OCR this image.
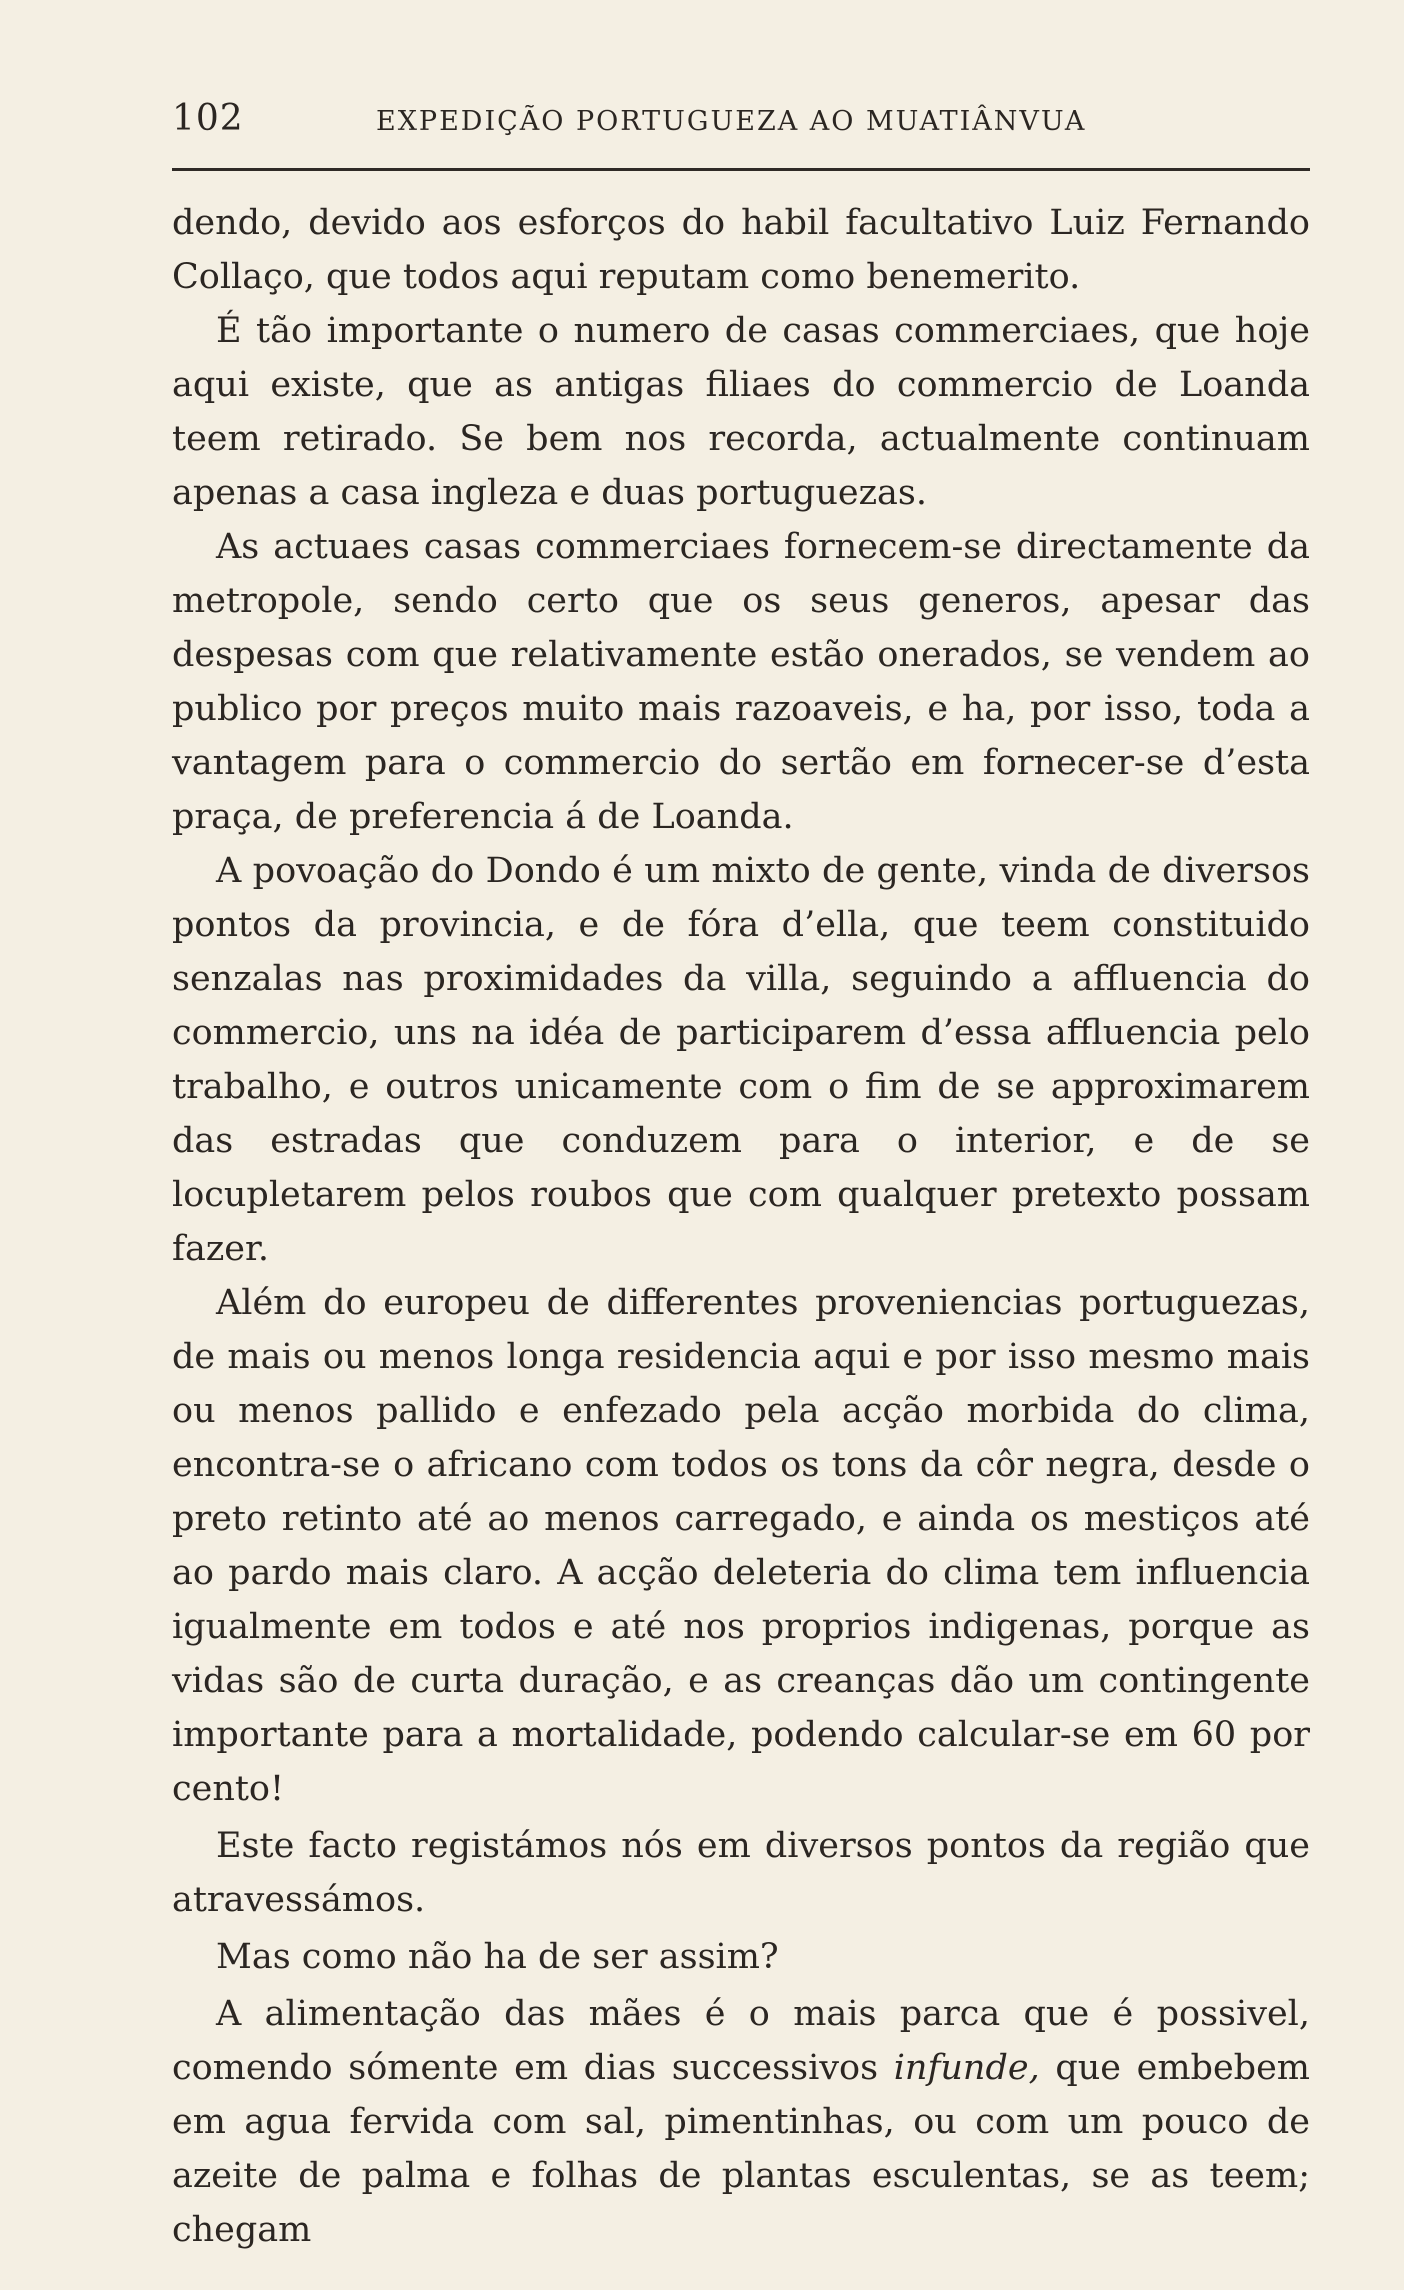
102	EXPEDIÇÃO PORTUGUEZA AO MUATIÂNVUA

dendo, devido aos esforços do habil facultativo Luiz Fernando Collaço, que todos aqui reputam como benemerito.

É tão importante o numero de casas commerciaes, que hoje aqui existe, que as antigas filiaes do commercio de Loanda teem retirado. Se bem nos recorda, actualmente continuam apenas a casa ingleza e duas portuguezas.

As actuaes casas commerciaes fornecem-se directamente da metropole, sendo certo que os seus generos, apesar das despesas com que relativamente estão onerados, se vendem ao publico por preços muito mais razoaveis, e ha, por isso, toda a vantagem para o commercio do sertão em fornecer-se d’esta praça, de preferencia á de Loanda.

A povoação do Dondo é um mixto de gente, vinda de diversos pontos da provincia, e de fóra d’ella, que teem constituido senzalas nas proximidades da villa, seguindo a affluencia do commercio, uns na idéa de participarem d’essa affluencia pelo trabalho, e outros unicamente com o fim de se approximarem das estradas que conduzem para o interior, e de se locupletarem pelos roubos que com qualquer pretexto possam fazer.

Além do europeu de differentes proveniencias portuguezas, de mais ou menos longa residencia aqui e por isso mesmo mais ou menos pallido e enfezado pela acção morbida do clima, encontra-se o africano com todos os tons da côr negra, desde o preto retinto até ao menos carregado, e ainda os mestiços até ao pardo mais claro. A acção deleteria do clima tem influencia igualmente em todos e até nos proprios indigenas, porque as vidas são de curta duração, e as creanças dão um contingente importante para a mortalidade, podendo calcular-se em 60 por cento!

Este facto registámos nós em diversos pontos da região que atravessámos.

Mas como não ha de ser assim?

A alimentação das mães é o mais parca que é possivel, comendo sómente em dias successivos infunde, que embebem em agua fervida com sal, pimentinhas, ou com um pouco de azeite de palma e folhas de plantas esculentas, se as teem; chegam
